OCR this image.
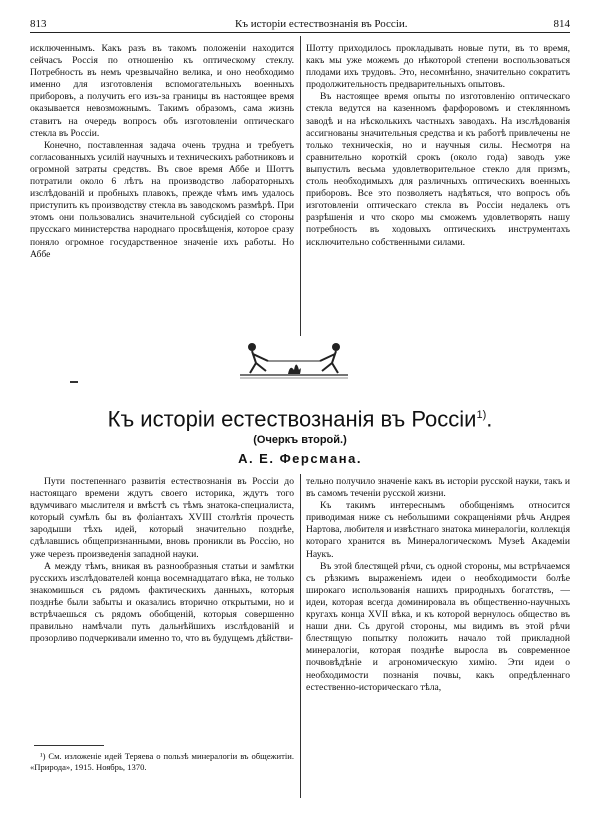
813	Къ исторіи естествознанія въ Россіи.	814

исключеннымъ. Какъ разъ въ такомъ положеніи находится сейчасъ Россія по отношенію къ оптическому стеклу. Потребность въ немъ чрезвычайно велика, и оно необходимо именно для изготовленія вспомогательныхъ военныхъ приборовъ, а получить его изъ-за границы въ настоящее время оказывается невозможнымъ. Такимъ образомъ, сама жизнь ставитъ на очередь вопросъ объ изготовленіи оптическаго стекла въ Россіи.

Конечно, поставленная задача очень трудна и требуетъ согласованныхъ усилій научныхъ и техническихъ работниковъ и огромной затраты средствъ. Въ свое время Аббе и Шоттъ потратили около 6 лѣтъ на производство лабораторныхъ изслѣдованій и пробныхъ плавокъ, прежде чѣмъ имъ удалось приступить къ производству стекла въ заводскомъ размѣрѣ. При этомъ они пользовались значительной субсидіей со стороны прусскаго министерства народнаго просвѣщенія, которое сразу поняло огромное государственное значеніе ихъ работы. Но Аббе

Шотту приходилось прокладывать новые пути, въ то время, какъ мы уже можемъ до нѣкоторой степени воспользоваться плодами ихъ трудовъ. Это, несомнѣнно, значительно сократитъ продолжительность предварительныхъ опытовъ.

Въ настоящее время опыты по изготовленію оптическаго стекла ведутся на казенномъ фарфоровомъ и стеклянномъ заводѣ и на нѣсколькихъ частныхъ заводахъ. На изслѣдованія ассигнованы значительныя средства и къ работѣ привлечены не только техническія, но и научныя силы. Несмотря на сравнительно короткій срокъ (около года) заводъ уже выпустилъ весьма удовлетворительное стекло для призмъ, столь необходимыхъ для различныхъ оптическихъ военныхъ приборовъ. Все это позволяетъ надѣяться, что вопросъ объ изготовленіи оптическаго стекла въ Россіи недалекъ отъ разрѣшенія и что скоро мы сможемъ удовлетворять нашу потребность въ ходовыхъ оптическихъ инструментахъ исключительно собственными силами.

Къ исторіи естествознанія въ Россіи$^{1)}$.
(Очеркъ второй.)
А. Е. Ферсмана.

Пути постепеннаго развитія естествознанія въ Россіи до настоящаго времени ждутъ своего историка, ждутъ того вдумчиваго мыслителя и вмѣстѣ съ тѣмъ знатока-специалиста, который сумѣлъ бы въ фоліантахъ XVIII столѣтія прочесть зародыши тѣхъ идей, который значительно позднѣе, сдѣлавшись общепризнанными, вновь проникли въ Россію, но уже черезъ произведенія западной науки.

А между тѣмъ, вникая въ разнообразныя статьи и замѣтки русскихъ изслѣдователей конца восемнадцатаго вѣка, не только знакомишься съ рядомъ фактическихъ данныхъ, которыя позднѣе были забыты и оказались вторично открытыми, но и встрѣчаешься съ рядомъ обобщеній, которыя совершенно правильно намѣчали путь дальнѣйшихъ изслѣдованій и прозорливо подчеркивали именно то, что въ будущемъ дѣйстви-

тельно получило значеніе какъ въ исторіи русской науки, такъ и въ самомъ теченіи русской жизни.

Къ такимъ интереснымъ обобщеніямъ относится приводимая ниже съ небольшими сокращеніями рѣчь Андрея Нартова, любителя и извѣстнаго знатока минералогіи, коллекція котораго хранится въ Минералогическомъ Музеѣ Академіи Наукъ.

Въ этой блестящей рѣчи, съ одной стороны, мы встрѣчаемся съ рѣзкимъ выраженіемъ идеи о необходимости болѣе широкаго использованія нашихъ природныхъ богатствъ, — идеи, которая всегда доминировала въ общественно-научныхъ кругахъ конца XVII вѣка, и къ которой вернулось общество въ наши дни. Съ другой стороны, мы видимъ въ этой рѣчи блестящую попытку положить начало той прикладной минералогіи, которая позднѣе выросла въ современное почвовѣдѣніе и агрономическую химію. Эти идеи о необходимости познанія почвы, какъ опредѣленнаго естественно-историческаго тѣла,

¹) См. изложеніе идей Теряева о пользѣ минералогіи въ общежитіи. «Природа», 1915. Ноябрь, 1370.
